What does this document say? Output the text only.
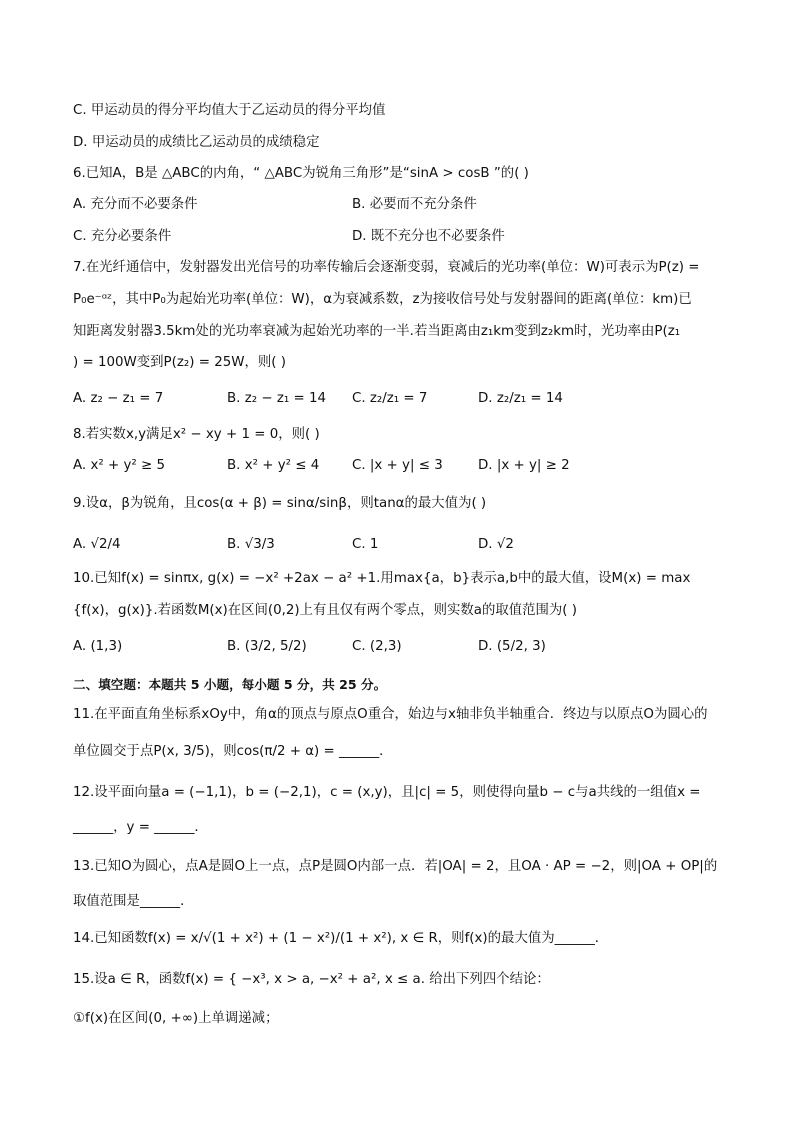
C. 甲运动员的得分平均值大于乙运动员的得分平均值
D. 甲运动员的成绩比乙运动员的成绩稳定
6.已知A，B是 △ABC的内角，“ △ABC为锐角三角形”是“sinA > cosB ”的( )
A. 充分而不必要条件	B. 必要而不充分条件
C. 充分必要条件	D. 既不充分也不必要条件
7.在光纤通信中，发射器发出光信号的功率传输后会逐渐变弱，衰减后的光功率(单位：W)可表示为P(z) =
P₀e⁻ᵅᶻ，其中P₀为起始光功率(单位：W)，α为衰减系数，z为接收信号处与发射器间的距离(单位：km)已
知距离发射器3.5km处的光功率衰减为起始光功率的一半.若当距离由z₁km变到z₂km时，光功率由P(z₁
) = 100W变到P(z₂) = 25W，则( )
A. z₂ − z₁ = 7	B. z₂ − z₁ = 14 C. z₂/z₁ = 7	D. z₂/z₁ = 14
8.若实数x,y满足x² − xy + 1 = 0，则( )
A. x² + y² ≥ 5	B. x² + y² ≤ 4 C. |x + y| ≤ 3	D. |x + y| ≥ 2
9.设α，β为锐角，且cos(α + β) = sinα/sinβ，则tanα的最大值为( )
A. √2/4	B. √3/3	C. 1	D. √2
10.已知f(x) = sinπx, g(x) = −x² +2ax − a² +1.用max{a，b}表示a,b中的最大值，设M(x) = max
{f(x)，g(x)}.若函数M(x)在区间(0,2)上有且仅有两个零点，则实数a的取值范围为( )
A. (1,3)	B. (3/2, 5/2)	C. (2,3)	D. (5/2, 3)
二、填空题：本题共 5 小题，每小题 5 分，共 25 分。
11.在平面直角坐标系xOy中，角α的顶点与原点O重合，始边与x轴非负半轴重合．终边与以原点O为圆心的
单位圆交于点P(x, 3/5)，则cos(π/2 + α) = ______．
12.设平面向量a = (−1,1)，b = (−2,1)，c = (x,y)，且|c| = 5，则使得向量b − c与a共线的一组值x =
______，y = ______．
13.已知O为圆心，点A是圆O上一点，点P是圆O内部一点．若|OA| = 2，且OA · AP = −2，则|OA + OP|的
取值范围是______．
14.已知函数f(x) = x/√(1 + x²) + (1 − x²)/(1 + x²), x ∈ R，则f(x)的最大值为______．
15.设a ∈ R，函数f(x) = { −x³, x > a, −x² + a², x ≤ a. 给出下列四个结论：
①f(x)在区间(0, +∞)上单调递减；
